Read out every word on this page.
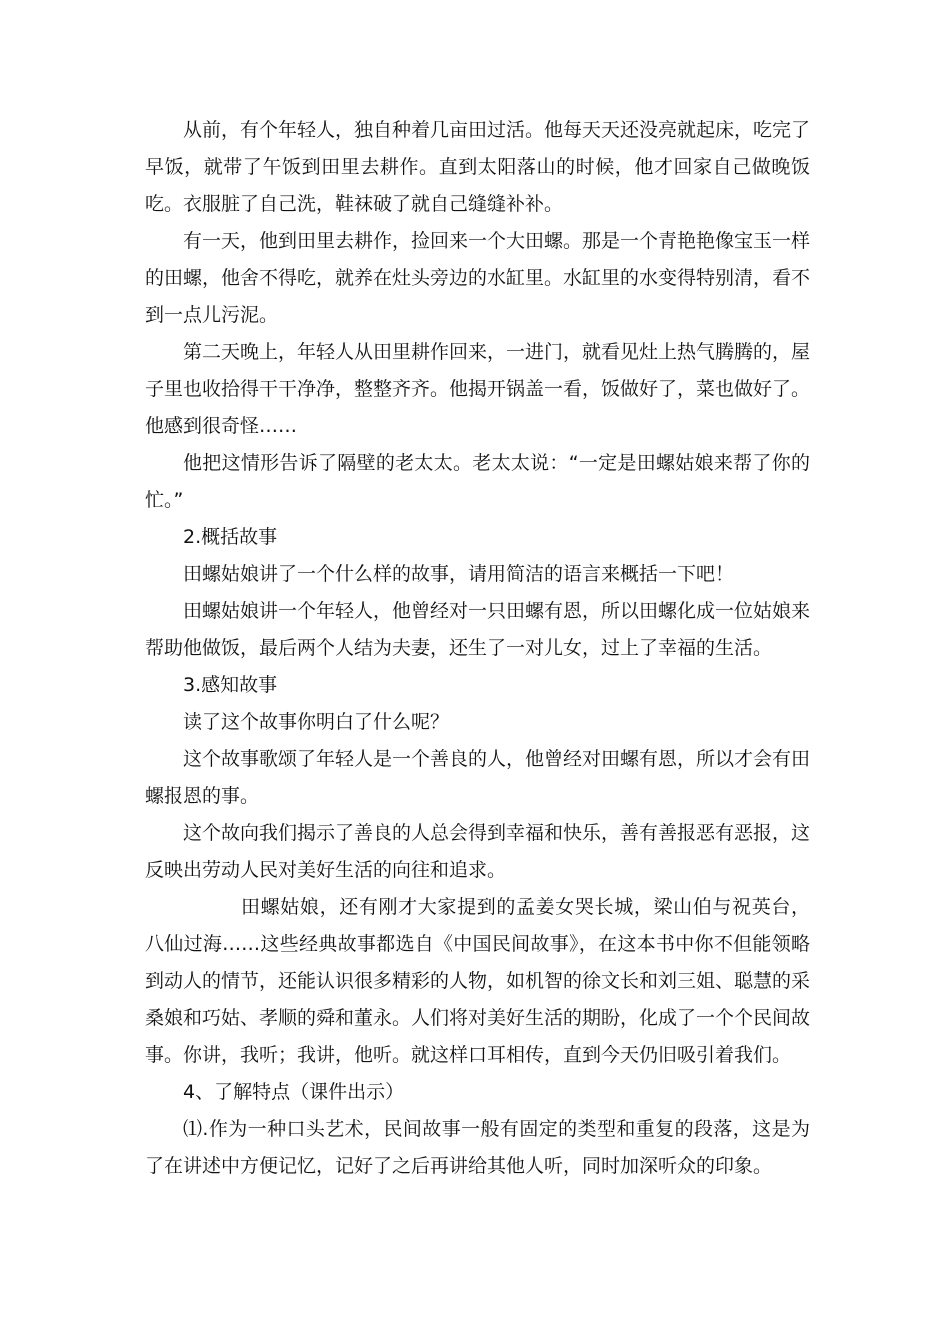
从前，有个年轻人，独自种着几亩田过活。他每天天还没亮就起床，吃完了早饭，就带了午饭到田里去耕作。直到太阳落山的时候，他才回家自己做晚饭吃。衣服脏了自己洗，鞋袜破了就自己缝缝补补。

有一天，他到田里去耕作，捡回来一个大田螺。那是一个青艳艳像宝玉一样的田螺，他舍不得吃，就养在灶头旁边的水缸里。水缸里的水变得特别清，看不到一点儿污泥。

第二天晚上，年轻人从田里耕作回来，一进门，就看见灶上热气腾腾的，屋子里也收拾得干干净净，整整齐齐。他揭开锅盖一看，饭做好了，菜也做好了。他感到很奇怪……

他把这情形告诉了隔壁的老太太。老太太说：“一定是田螺姑娘来帮了你的忙。”

2.概括故事

田螺姑娘讲了一个什么样的故事，请用简洁的语言来概括一下吧！

田螺姑娘讲一个年轻人，他曾经对一只田螺有恩，所以田螺化成一位姑娘来帮助他做饭，最后两个人结为夫妻，还生了一对儿女，过上了幸福的生活。

3.感知故事

读了这个故事你明白了什么呢？

这个故事歌颂了年轻人是一个善良的人，他曾经对田螺有恩，所以才会有田螺报恩的事。

这个故向我们揭示了善良的人总会得到幸福和快乐，善有善报恶有恶报，这反映出劳动人民对美好生活的向往和追求。

田螺姑娘，还有刚才大家提到的孟姜女哭长城，梁山伯与祝英台，八仙过海……这些经典故事都选自《中国民间故事》，在这本书中你不但能领略到动人的情节，还能认识很多精彩的人物，如机智的徐文长和刘三姐、聪慧的采桑娘和巧姑、孝顺的舜和董永。人们将对美好生活的期盼，化成了一个个民间故事。你讲，我听；我讲，他听。就这样口耳相传，直到今天仍旧吸引着我们。

4、了解特点（课件出示）

⑴.作为一种口头艺术，民间故事一般有固定的类型和重复的段落，这是为了在讲述中方便记忆，记好了之后再讲给其他人听，同时加深听众的印象。
